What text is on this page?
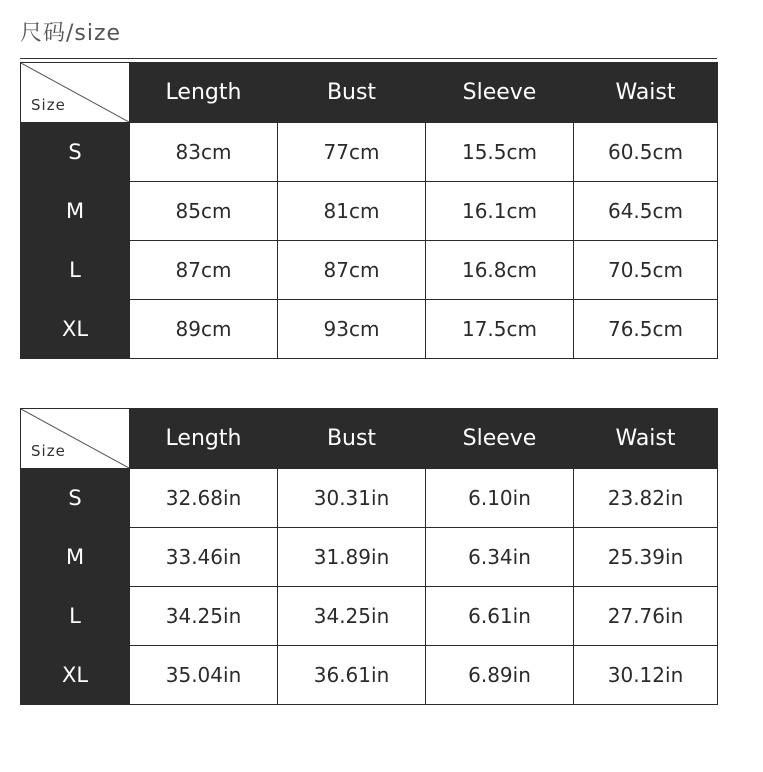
尺码/size
Size	Length	Bust	Sleeve	Waist
S	83cm	77cm	15.5cm	60.5cm
M	85cm	81cm	16.1cm	64.5cm
L	87cm	87cm	16.8cm	70.5cm
XL	89cm	93cm	17.5cm	76.5cm
Size	Length	Bust	Sleeve	Waist
S	32.68in	30.31in	6.10in	23.82in
M	33.46in	31.89in	6.34in	25.39in
L	34.25in	34.25in	6.61in	27.76in
XL	35.04in	36.61in	6.89in	30.12in
